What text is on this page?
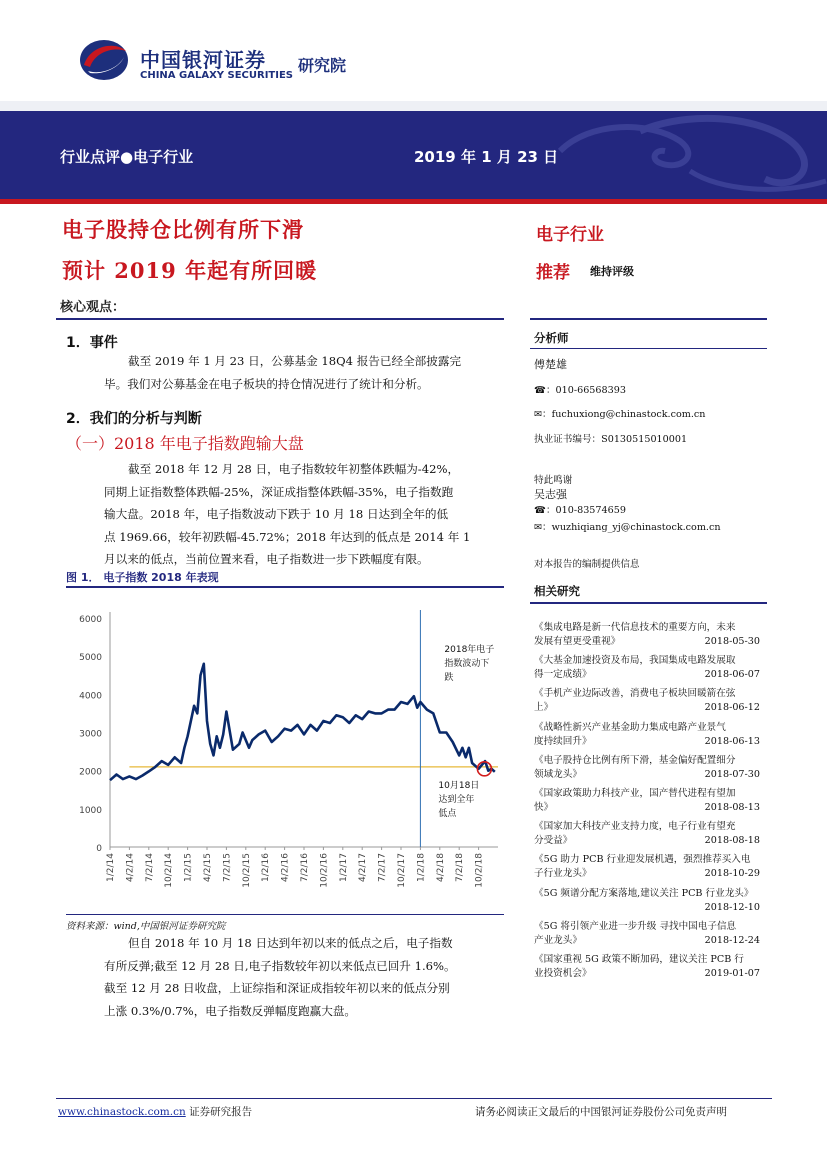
中国银河证券
CHINA GALAXY SECURITIES
研究院
行业点评●电子行业	2019 年 1 月 23 日
电子股持仓比例有所下滑
预计 2019 年起有所回暖
核心观点：
电子行业
推荐 维持评级
1．事件
截至 2019 年 1 月 23 日，公募基金 18Q4 报告已经全部披露完
毕。我们对公募基金在电子板块的持仓情况进行了统计和分析。
2．我们的分析与判断
（一）2018 年电子指数跑输大盘
截至 2018 年 12 月 28 日，电子指数较年初整体跌幅为-42%，
同期上证指数整体跌幅-25%，深证成指整体跌幅-35%，电子指数跑
输大盘。2018 年，电子指数波动下跌于 10 月 18 日达到全年的低
点 1969.66，较年初跌幅-45.72%；2018 年达到的低点是 2014 年 1
月以来的低点，当前位置来看，电子指数进一步下跌幅度有限。
图 1． 电子指数 2018 年表现
0
1000
2000
3000
4000
5000
6000
1/2/14 4/2/14 7/2/14 10/2/14 1/2/15 4/2/15 7/2/15 10/2/15 1/2/16 4/2/16 7/2/16 10/2/16 1/2/17 4/2/17 7/2/17 10/2/17 1/2/18 4/2/18 7/2/18 10/2/18
2018年电子
指数波动下
跌
10月18日
达到全年
低点
资料来源：wind,中国银河证券研究院
但自 2018 年 10 月 18 日达到年初以来的低点之后，电子指数
有所反弹;截至 12 月 28 日,电子指数较年初以来低点已回升 1.6%。
截至 12 月 28 日收盘，上证综指和深证成指较年初以来的低点分别
上涨 0.3%/0.7%，电子指数反弹幅度跑赢大盘。
分析师
傅楚雄
☎：010-66568393
✉：fuchuxiong@chinastock.com.cn
执业证书编号：S0130515010001
特此鸣谢
吴志强
☎：010-83574659
✉：wuzhiqiang_yj@chinastock.com.cn
对本报告的编制提供信息
相关研究
《集成电路是新一代信息技术的重要方向，未来
发展有望更受重视》	2018-05-30
《大基金加速投资及布局，我国集成电路发展取
得一定成绩》	2018-06-07
《手机产业边际改善，消费电子板块回暖箭在弦
上》	2018-06-12
《战略性新兴产业基金助力集成电路产业景气
度持续回升》	2018-06-13
《电子股持仓比例有所下滑，基金偏好配置细分
领域龙头》	2018-07-30
《国家政策助力科技产业，国产替代进程有望加
快》	2018-08-13
《国家加大科技产业支持力度，电子行业有望充
分受益》	2018-08-18
《5G 助力 PCB 行业迎发展机遇，强烈推荐买入电
子行业龙头》	2018-10-29
《5G 频谱分配方案落地,建议关注 PCB 行业龙头》
2018-12-10
《5G 将引领产业进一步升级 寻找中国电子信息
产业龙头》	2018-12-24
《国家重视 5G 政策不断加码，建议关注 PCB 行
业投资机会》	2019-01-07
www.chinastock.com.cn 证券研究报告	请务必阅读正文最后的中国银河证券股份公司免责声明
